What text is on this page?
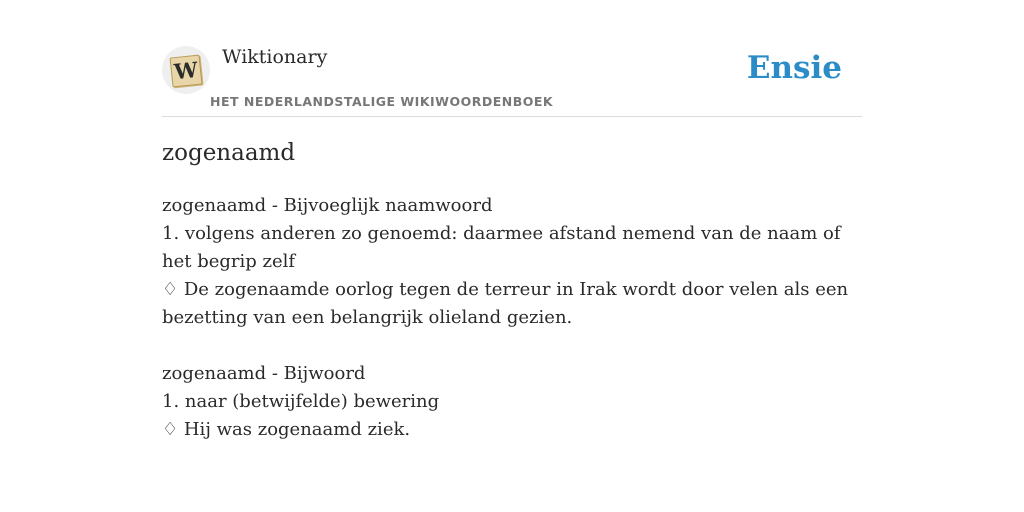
W Wiktionary
HET NEDERLANDSTALIGE WIKIWOORDENBOEK
Ensie
zogenaamd
zogenaamd - Bijvoeglijk naamwoord
1. volgens anderen zo genoemd: daarmee afstand nemend van de naam of het begrip zelf
♢ De zogenaamde oorlog tegen de terreur in Irak wordt door velen als een bezetting van een belangrijk olieland gezien.
zogenaamd - Bijwoord
1. naar (betwijfelde) bewering
♢ Hij was zogenaamd ziek.
